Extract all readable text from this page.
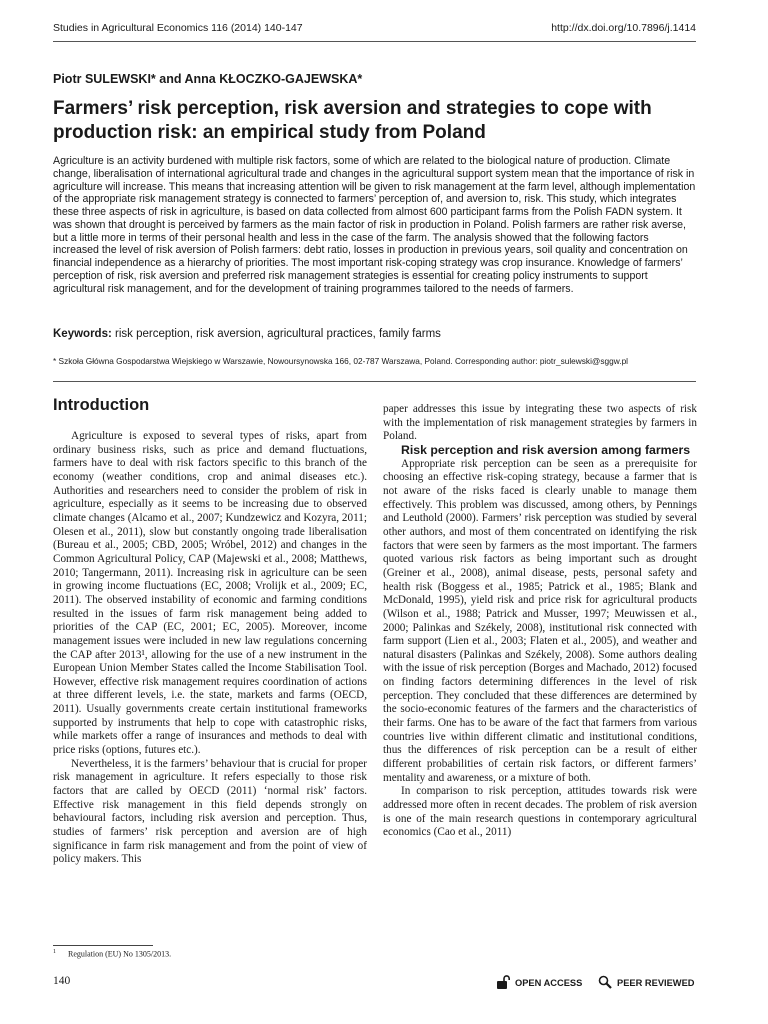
Studies in Agricultural Economics 116 (2014) 140-147	http://dx.doi.org/10.7896/j.1414
Piotr SULEWSKI* and Anna KŁOCZKO-GAJEWSKA*
Farmers’ risk perception, risk aversion and strategies to cope with production risk: an empirical study from Poland

Agriculture is an activity burdened with multiple risk factors, some of which are related to the biological nature of production. Climate change, liberalisation of international agricultural trade and changes in the agricultural support system mean that the importance of risk in agriculture will increase. This means that increasing attention will be given to risk management at the farm level, although implementation of the appropriate risk management strategy is connected to farmers’ perception of, and aversion to, risk. This study, which integrates these three aspects of risk in agriculture, is based on data collected from almost 600 participant farms from the Polish FADN system. It was shown that drought is perceived by farmers as the main factor of risk in production in Poland. Polish farmers are rather risk averse, but a little more in terms of their personal health and less in the case of the farm. The analysis showed that the following factors increased the level of risk aversion of Polish farmers: debt ratio, losses in production in previous years, soil quality and concentration on financial independence as a hierarchy of priorities. The most important risk-coping strategy was crop insurance. Knowledge of farmers’ perception of risk, risk aversion and preferred risk management strategies is essential for creating policy instruments to support agricultural risk management, and for the development of training programmes tailored to the needs of farmers.

Keywords: risk perception, risk aversion, agricultural practices, family farms
* Szkoła Główna Gospodarstwa Wiejskiego w Warszawie, Nowoursynowska 166, 02-787 Warszawa, Poland. Corresponding author: piotr_sulewski@sggw.pl
Introduction

Agriculture is exposed to several types of risks, apart from ordinary business risks, such as price and demand fluctuations, farmers have to deal with risk factors specific to this branch of the economy (weather conditions, crop and animal diseases etc.). Authorities and researchers need to consider the problem of risk in agriculture, especially as it seems to be increasing due to observed climate changes (Alcamo et al., 2007; Kundzewicz and Kozyra, 2011; Olesen et al., 2011), slow but constantly ongoing trade liberalisation (Bureau et al., 2005; CBD, 2005; Wróbel, 2012) and changes in the Common Agricultural Policy, CAP (Majewski et al., 2008; Matthews, 2010; Tangermann, 2011). Increasing risk in agriculture can be seen in growing income fluctuations (EC, 2008; Vrolijk et al., 2009; EC, 2011). The observed instability of economic and farming conditions resulted in the issues of farm risk management being added to priorities of the CAP (EC, 2001; EC, 2005). Moreover, income management issues were included in new law regulations concerning the CAP after 2013¹, allowing for the use of a new instrument in the European Union Member States called the Income Stabilisation Tool. However, effective risk management requires coordination of actions at three different levels, i.e. the state, markets and farms (OECD, 2011). Usually governments create certain institutional frameworks supported by instruments that help to cope with catastrophic risks, while markets offer a range of insurances and methods to deal with price risks (options, futures etc.).

Nevertheless, it is the farmers’ behaviour that is crucial for proper risk management in agriculture. It refers especially to those risk factors that are called by OECD (2011) ‘normal risk’ factors. Effective risk management in this field depends strongly on behavioural factors, including risk aversion and perception. Thus, studies of farmers’ risk perception and aversion are of high significance in farm risk management and from the point of view of policy makers. This

paper addresses this issue by integrating these two aspects of risk with the implementation of risk management strategies by farmers in Poland.

Risk perception and risk aversion among farmers

Appropriate risk perception can be seen as a prerequisite for choosing an effective risk-coping strategy, because a farmer that is not aware of the risks faced is clearly unable to manage them effectively. This problem was discussed, among others, by Pennings and Leuthold (2000). Farmers’ risk perception was studied by several other authors, and most of them concentrated on identifying the risk factors that were seen by farmers as the most important. The farmers quoted various risk factors as being important such as drought (Greiner et al., 2008), animal disease, pests, personal safety and health risk (Boggess et al., 1985; Patrick et al., 1985; Blank and McDonald, 1995), yield risk and price risk for agricultural products (Wilson et al., 1988; Patrick and Musser, 1997; Meuwissen et al., 2000; Palinkas and Székely, 2008), institutional risk connected with farm support (Lien et al., 2003; Flaten et al., 2005), and weather and natural disasters (Palinkas and Székely, 2008). Some authors dealing with the issue of risk perception (Borges and Machado, 2012) focused on finding factors determining differences in the level of risk perception. They concluded that these differences are determined by the socio-economic features of the farmers and the characteristics of their farms. One has to be aware of the fact that farmers from various countries live within different climatic and institutional conditions, thus the differences of risk perception can be a result of either different probabilities of certain risk factors, or different farmers’ mentality and awareness, or a mixture of both.

In comparison to risk perception, attitudes towards risk were addressed more often in recent decades. The problem of risk aversion is one of the main research questions in contemporary agricultural economics (Cao et al., 2011)

$^1$ Regulation (EU) No 1305/2013.
140	OPEN ACCESS	PEER REVIEWED
